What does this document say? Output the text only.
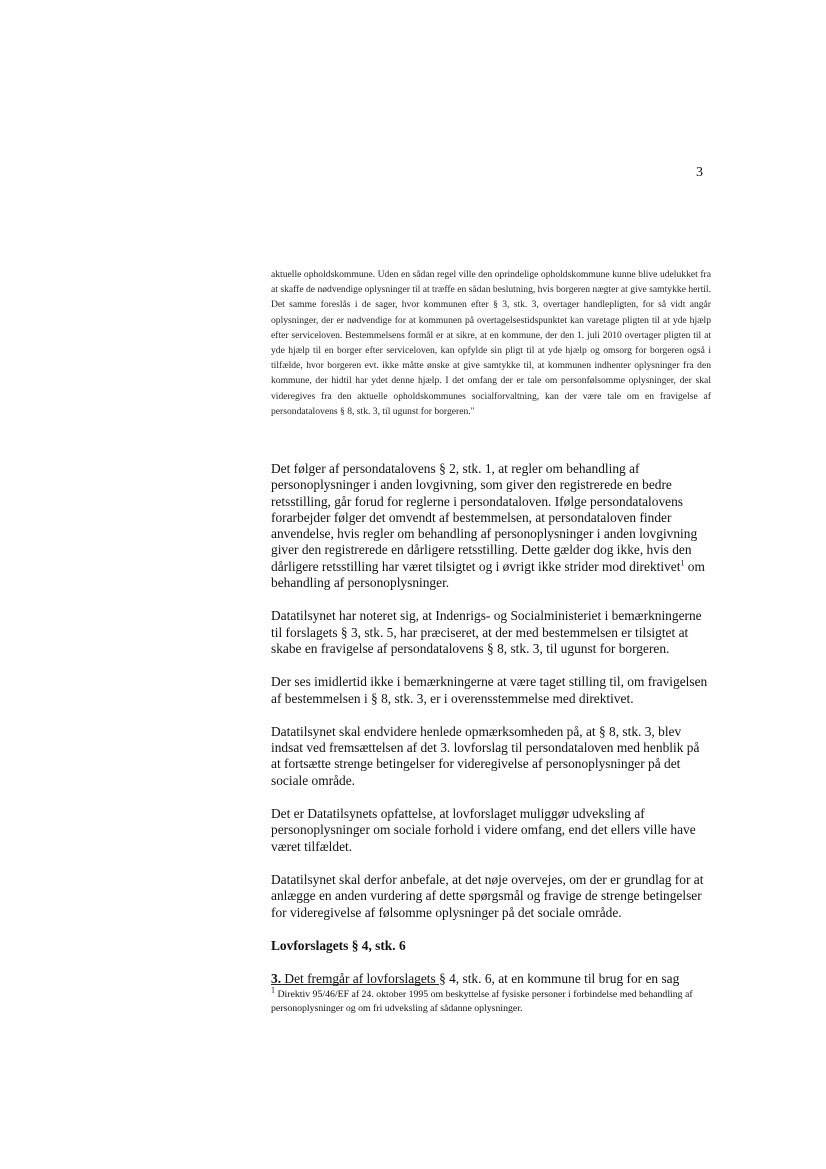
3

aktuelle opholdskommune. Uden en sådan regel ville den oprindelige opholdskommune kunne blive udelukket fra at skaffe de nødvendige oplysninger til at træffe en sådan beslutning, hvis borgeren nægter at give samtykke hertil. Det samme foreslås i de sager, hvor kommunen efter § 3, stk. 3, overtager handlepligten, for så vidt angår oplysninger, der er nødvendige for at kommunen på overtagelsestidspunktet kan varetage pligten til at yde hjælp efter serviceloven. Bestemmelsens formål er at sikre, at en kommune, der den 1. juli 2010 overtager pligten til at yde hjælp til en borger efter serviceloven, kan opfylde sin pligt til at yde hjælp og omsorg for borgeren også i tilfælde, hvor borgeren evt. ikke måtte ønske at give samtykke til, at kommunen indhenter oplysninger fra den kommune, der hidtil har ydet denne hjælp. I det omfang der er tale om personfølsomme oplysninger, der skal videregives fra den aktuelle opholdskommunes socialforvaltning, kan der være tale om en fravigelse af persondatalovens § 8, stk. 3, til ugunst for borgeren."

Det følger af persondatalovens § 2, stk. 1, at regler om behandling af personoplysninger i anden lovgivning, som giver den registrerede en bedre retsstilling, går forud for reglerne i persondataloven. Ifølge persondatalovens forarbejder følger det omvendt af bestemmelsen, at persondataloven finder anvendelse, hvis regler om behandling af personoplysninger i anden lovgivning giver den registrerede en dårligere retsstilling. Dette gælder dog ikke, hvis den dårligere retsstilling har været tilsigtet og i øvrigt ikke strider mod direktivet$^1$ om behandling af personoplysninger.

Datatilsynet har noteret sig, at Indenrigs- og Socialministeriet i bemærkningerne til forslagets § 3, stk. 5, har præciseret, at der med bestemmelsen er tilsigtet at skabe en fravigelse af persondatalovens § 8, stk. 3, til ugunst for borgeren.

Der ses imidlertid ikke i bemærkningerne at være taget stilling til, om fravigelsen af bestemmelsen i § 8, stk. 3, er i overensstemmelse med direktivet.

Datatilsynet skal endvidere henlede opmærksomheden på, at § 8, stk. 3, blev indsat ved fremsættelsen af det 3. lovforslag til persondataloven med henblik på at fortsætte strenge betingelser for videregivelse af personoplysninger på det sociale område.

Det er Datatilsynets opfattelse, at lovforslaget muliggør udveksling af personoplysninger om sociale forhold i videre omfang, end det ellers ville have været tilfældet.

Datatilsynet skal derfor anbefale, at det nøje overvejes, om der er grundlag for at anlægge en anden vurdering af dette spørgsmål og fravige de strenge betingelser for videregivelse af følsomme oplysninger på det sociale område.

Lovforslagets § 4, stk. 6

3. Det fremgår af lovforslagets § 4, stk. 6, at en kommune til brug for en sag

$^1$ Direktiv 95/46/EF af 24. oktober 1995 om beskyttelse af fysiske personer i forbindelse med behandling af personoplysninger og om fri udveksling af sådanne oplysninger.
